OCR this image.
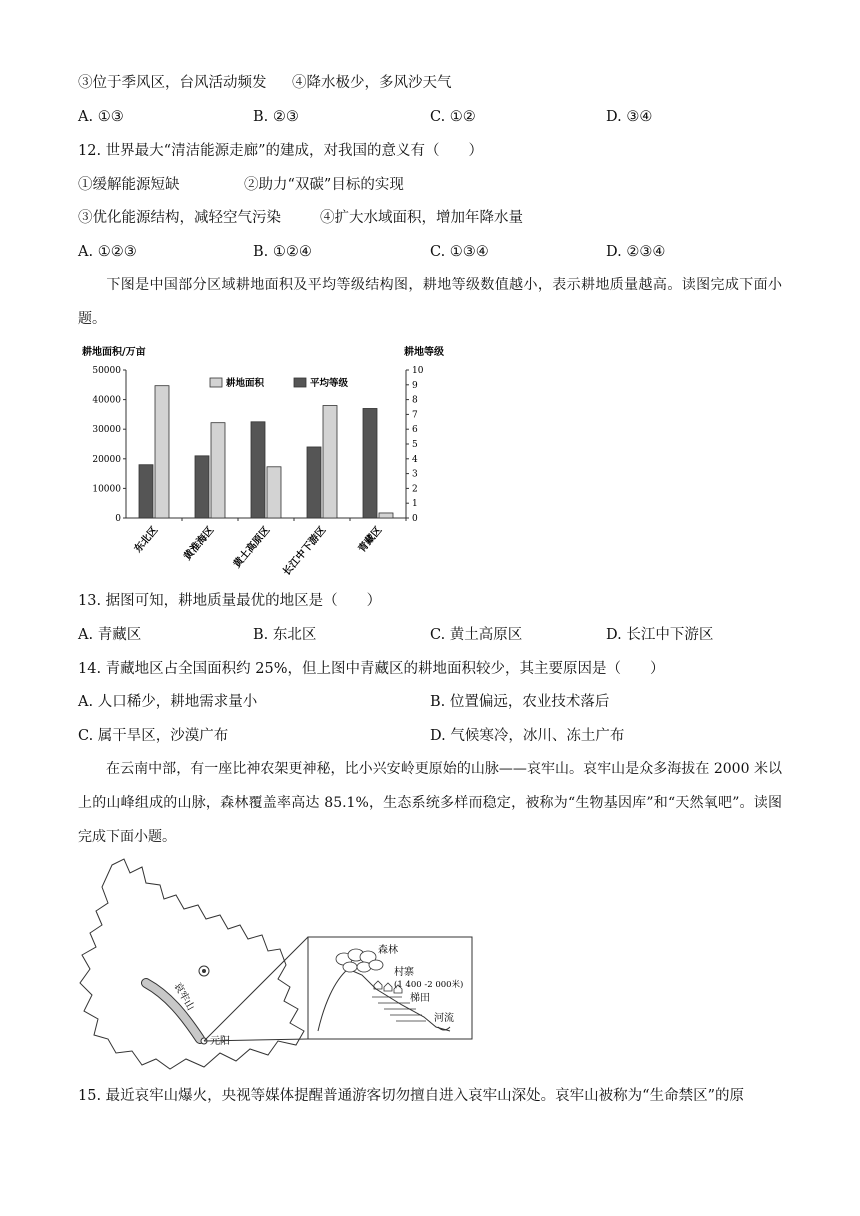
③位于季风区，台风活动频发 ④降水极少，多风沙天气
A. ①③	B. ②③	C. ①②	D. ③④
12. 世界最大“清洁能源走廊”的建成，对我国的意义有（　　）
①缓解能源短缺	②助力“双碳”目标的实现
③优化能源结构，减轻空气污染	④扩大水域面积，增加年降水量
A. ①②③	B. ①②④	C. ①③④	D. ②③④
下图是中国部分区域耕地面积及平均等级结构图，耕地等级数值越小，表示耕地质量越高。读图完成下面小题。
耕地面积/万亩	耕地等级
0
10000
20000
30000
40000
50000
0
1
2
3
4
5
6
7
8
9
10
东北区 黄淮海区 黄土高原区 长江中下游区	青藏区
耕地面积	平均等级
13. 据图可知，耕地质量最优的地区是（　　）
A. 青藏区	B. 东北区	C. 黄土高原区	D. 长江中下游区
14. 青藏地区占全国面积约 25%，但上图中青藏区的耕地面积较少，其主要原因是（　　）
A. 人口稀少，耕地需求量小	B. 位置偏远，农业技术落后
C. 属干旱区，沙漠广布	D. 气候寒冷，冰川、冻土广布
在云南中部，有一座比神农架更神秘，比小兴安岭更原始的山脉——哀牢山。哀牢山是众多海拔在 2000 米以上的山峰组成的山脉，森林覆盖率高达 85.1%，生态系统多样而稳定，被称为“生物基因库”和“天然氧吧”。读图完成下面小题。
哀牢山
元阳
森林
村寨
(1 400 -2 000米)
梯田
河流
15. 最近哀牢山爆火，央视等媒体提醒普通游客切勿擅自进入哀牢山深处。哀牢山被称为“生命禁区”的原
